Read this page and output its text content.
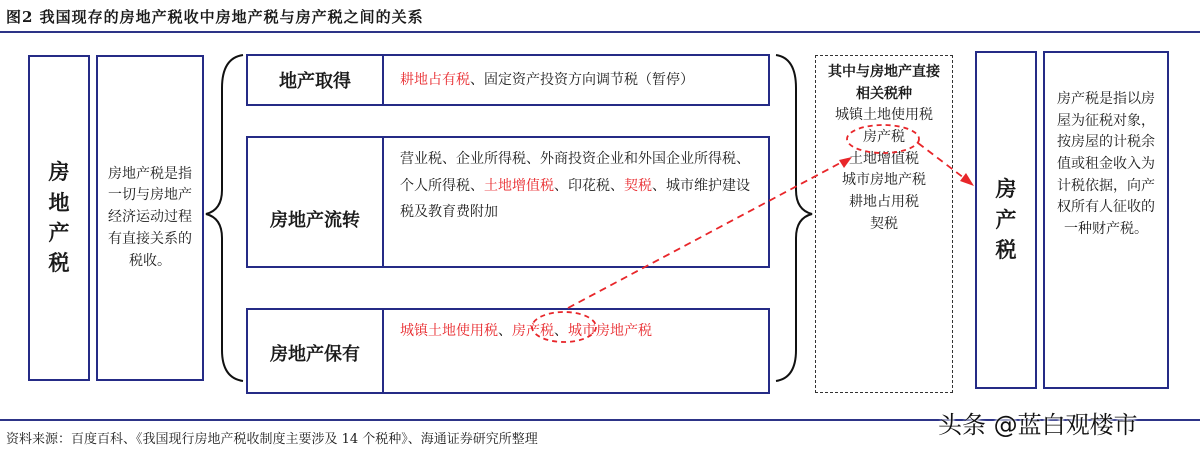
图2 我国现存的房地产税收中房地产税与房产税之间的关系
房
地
产
税
房地产税是指一切与房地产经济运动过程有直接关系的税收。
地产取得	耕地占有税、固定资产投资方向调节税（暂停）
房地产流转
营业税、企业所得税、外商投资企业和外国企业所得税、个人所得税、土地增值税、印花税、契税、城市维护建设税及教育费附加
房地产保有
城镇土地使用税、房产税、城市房地产税
其中与房地产直接相关税种
城镇土地使用税
房产税
土地增值税
城市房地产税
耕地占用税
契税
房
产
税
房产税是指以房屋为征税对象，按房屋的计税余值或租金收入为计税依据，向产权所有人征收的一种财产税。
资料来源：百度百科、《我国现行房地产税收制度主要涉及 14 个税种》、海通证券研究所整理
头条 @蓝白观楼市
